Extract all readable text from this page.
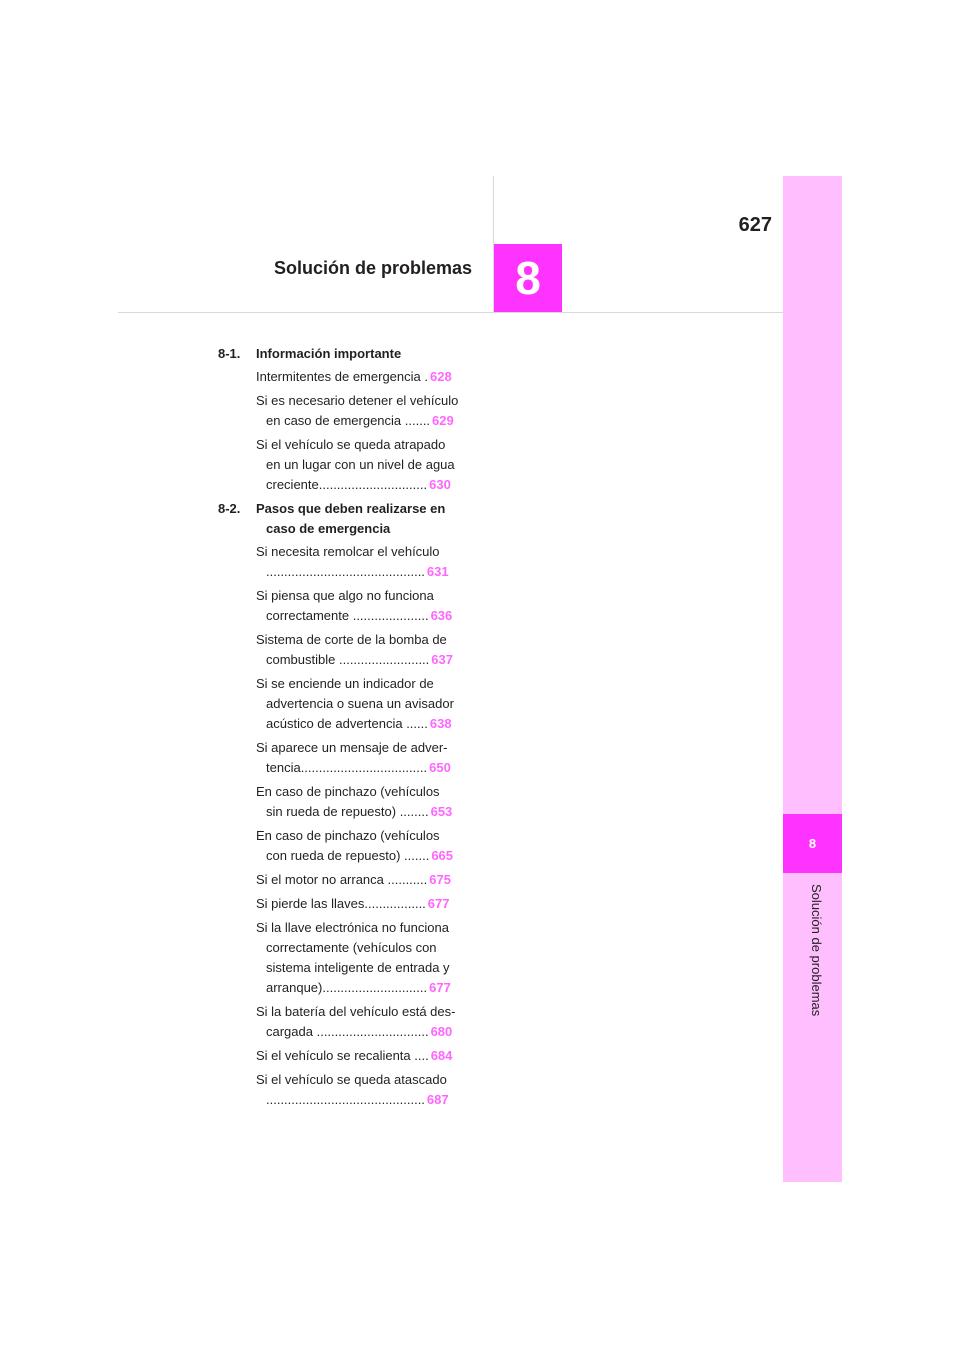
627
Solución de problemas 8
8
Solución de problemas
8-1.	Información importante
Intermitentes de emergencia . 628
Si es necesario detener el vehículo
en caso de emergencia ....... 629
Si el vehículo se queda atrapado
en un lugar con un nivel de agua
creciente.............................. 630
8-2.	Pasos que deben realizarse en
caso de emergencia
Si necesita remolcar el vehículo
............................................ 631
Si piensa que algo no funciona
correctamente ..................... 636
Sistema de corte de la bomba de
combustible ......................... 637
Si se enciende un indicador de
advertencia o suena un avisador
acústico de advertencia ...... 638
Si aparece un mensaje de adver-
tencia................................... 650
En caso de pinchazo (vehículos
sin rueda de repuesto) ........ 653
En caso de pinchazo (vehículos
con rueda de repuesto) ....... 665
Si el motor no arranca ........... 675
Si pierde las llaves................. 677
Si la llave electrónica no funciona
correctamente (vehículos con
sistema inteligente de entrada y
arranque)............................. 677
Si la batería del vehículo está des-
cargada ............................... 680
Si el vehículo se recalienta .... 684
Si el vehículo se queda atascado
............................................ 687
